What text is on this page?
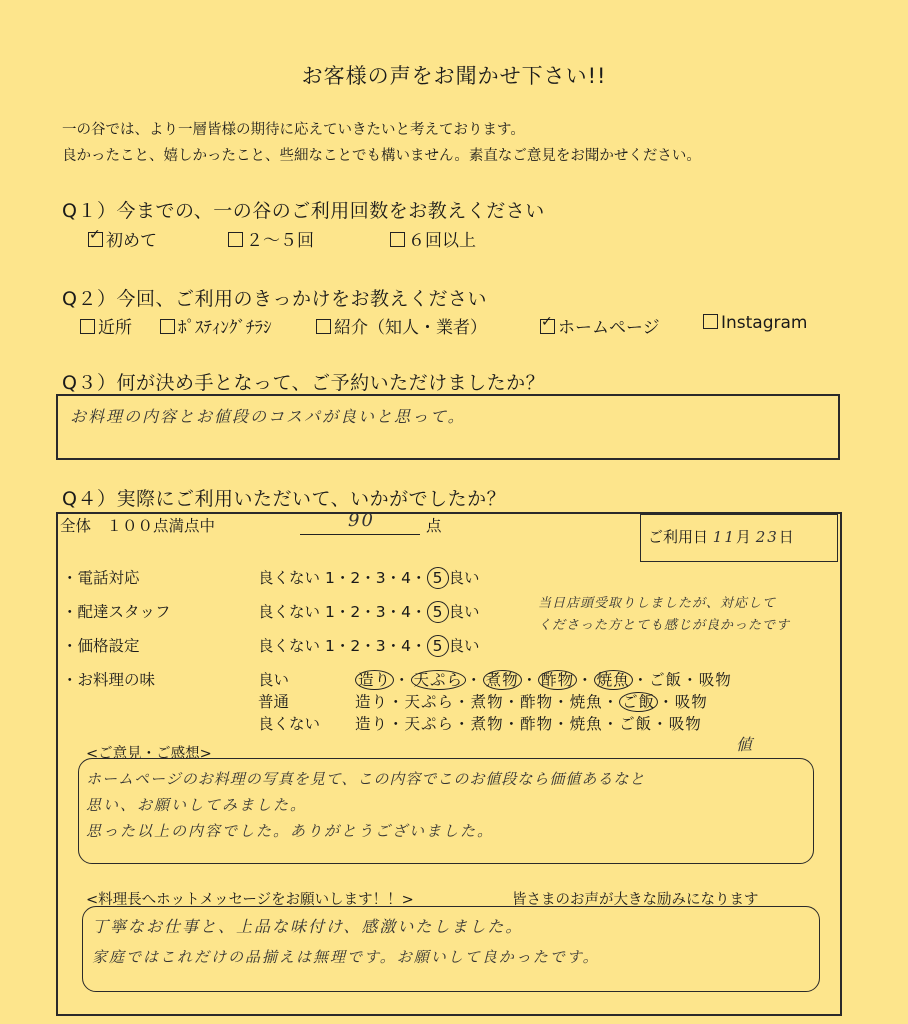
お客様の声をお聞かせ下さい!!
一の谷では、より一層皆様の期待に応えていきたいと考えております。
良かったこと、嬉しかったこと、些細なことでも構いません。素直なご意見をお聞かせください。
Q１）今までの、一の谷のご利用回数をお教えください
✓初めて	２～５回	６回以上
Q２）今回、ご利用のきっかけをお教えください
近所	ﾎﾟｽﾃｨﾝｸﾞﾁﾗｼ	紹介（知人・業者）
✓	ホームページ	Instagram
Q３）何が決め手となって、ご予約いただけましたか？
お料理の内容とお値段のコスパが良いと思って。
Q４）実際にご利用いただいて、いかがでしたか？
全体　１００点満点中	90	点
ご利用日 11月 23日
・電話対応	良くない 1・2・3・4・ 5 良い
・配達スタッフ	良くない 1・2・3・4・ 5 良い	当日店頭受取りしましたが、対応して
くださった方とても感じが良かったです
・価格設定	良くない 1・2・3・4・ 5 良い
・お料理の味	良い
普通
良くない
造り ・ 天ぷら ・ 煮物 ・ 酢物 ・ 焼魚 ・ご飯・吸物
造り・天ぷら・煮物・酢物・焼魚・ ご飯 ・吸物
造り・天ぷら・煮物・酢物・焼魚・ご飯・吸物
<ご意見・ご感想>	値
ホームページのお料理の写真を見て、この内容でこのお値段なら価値あるなと
思い、お願いしてみました。
思った以上の内容でした。ありがとうございました。
<料理長へホットメッセージをお願いします！！>	皆さまのお声が大きな励みになります
丁寧なお仕事と、上品な味付け、感激いたしました。
家庭ではこれだけの品揃えは無理です。お願いして良かったです。
